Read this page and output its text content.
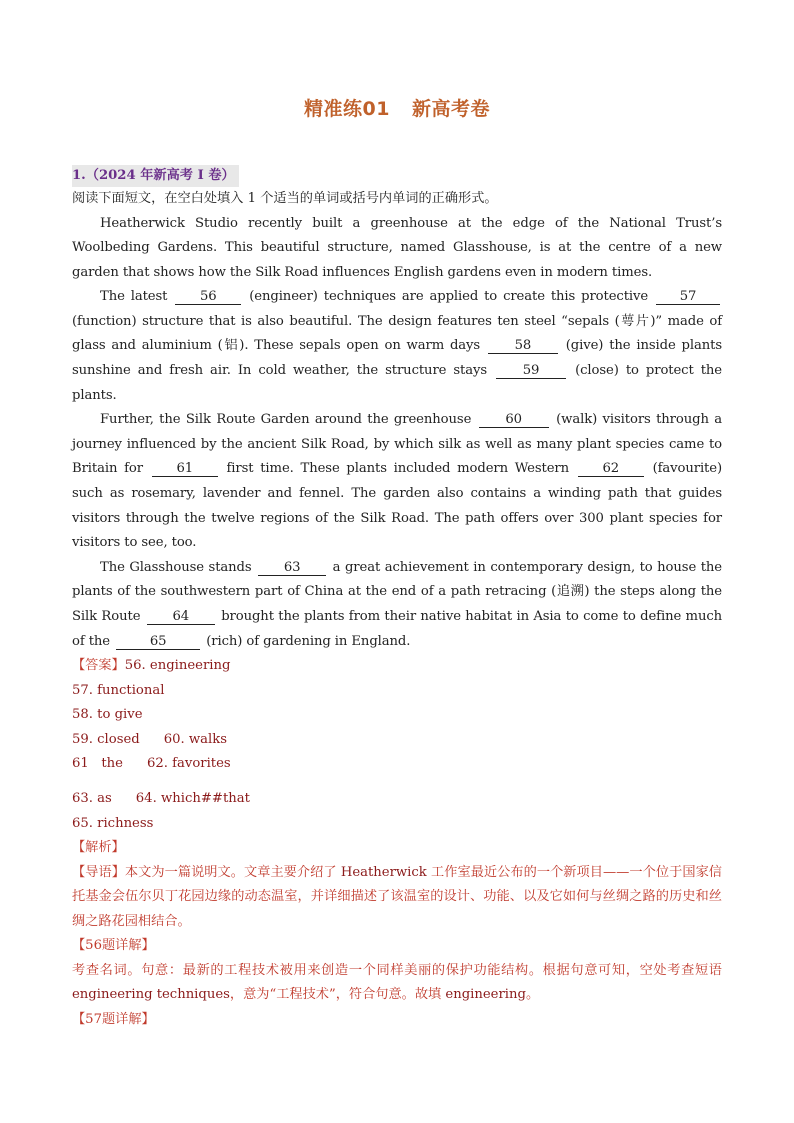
精准练01 新高考卷
1.（2024 年新高考 I 卷）
阅读下面短文，在空白处填入 1 个适当的单词或括号内单词的正确形式。
Heatherwick Studio recently built a greenhouse at the edge of the National Trust’s Woolbeding Gardens. This beautiful structure, named Glasshouse, is at the centre of a new garden that shows how the Silk Road influences English gardens even in modern times.
The latest 56 (engineer) techniques are applied to create this protective 57 (function) structure that is also beautiful. The design features ten steel “sepals (萼片)” made of glass and aluminium (铝). These sepals open on warm days	58	(give) the inside plants sunshine and fresh air. In cold weather, the structure stays	59	(close) to protect the plants.
Further, the Silk Route Garden around the greenhouse	60	(walk) visitors through a journey influenced by the ancient Silk Road, by which silk as well as many plant species came to Britain for	61	first time. These plants included modern Western	62	(favourite) such as rosemary, lavender and fennel. The garden also contains a winding path that guides visitors through the twelve regions of the Silk Road. The path offers over 300 plant species for visitors to see, too.
The Glasshouse stands 63 a great achievement in contemporary design, to house the plants of the southwestern part of China at the end of a path retracing (追溯) the steps along the Silk Route 64 brought the plants from their native habitat in Asia to come to define much of the	65	(rich) of gardening in England.
【答案】56. engineering
57. functional
58. to give
59. closed 60. walks
61   the 62. favorites
63. as 64. which##that
65. richness

【解析】

【导语】本文为一篇说明文。文章主要介绍了 Heatherwick 工作室最近公布的一个新项目——一个位于国家信托基金会伍尔贝丁花园边缘的动态温室，并详细描述了该温室的设计、功能、以及它如何与丝绸之路的历史和丝绸之路花园相结合。

【56题详解】

考查名词。句意：最新的工程技术被用来创造一个同样美丽的保护功能结构。根据句意可知，空处考查短语 engineering techniques，意为“工程技术”，符合句意。故填 engineering。

【57题详解】
